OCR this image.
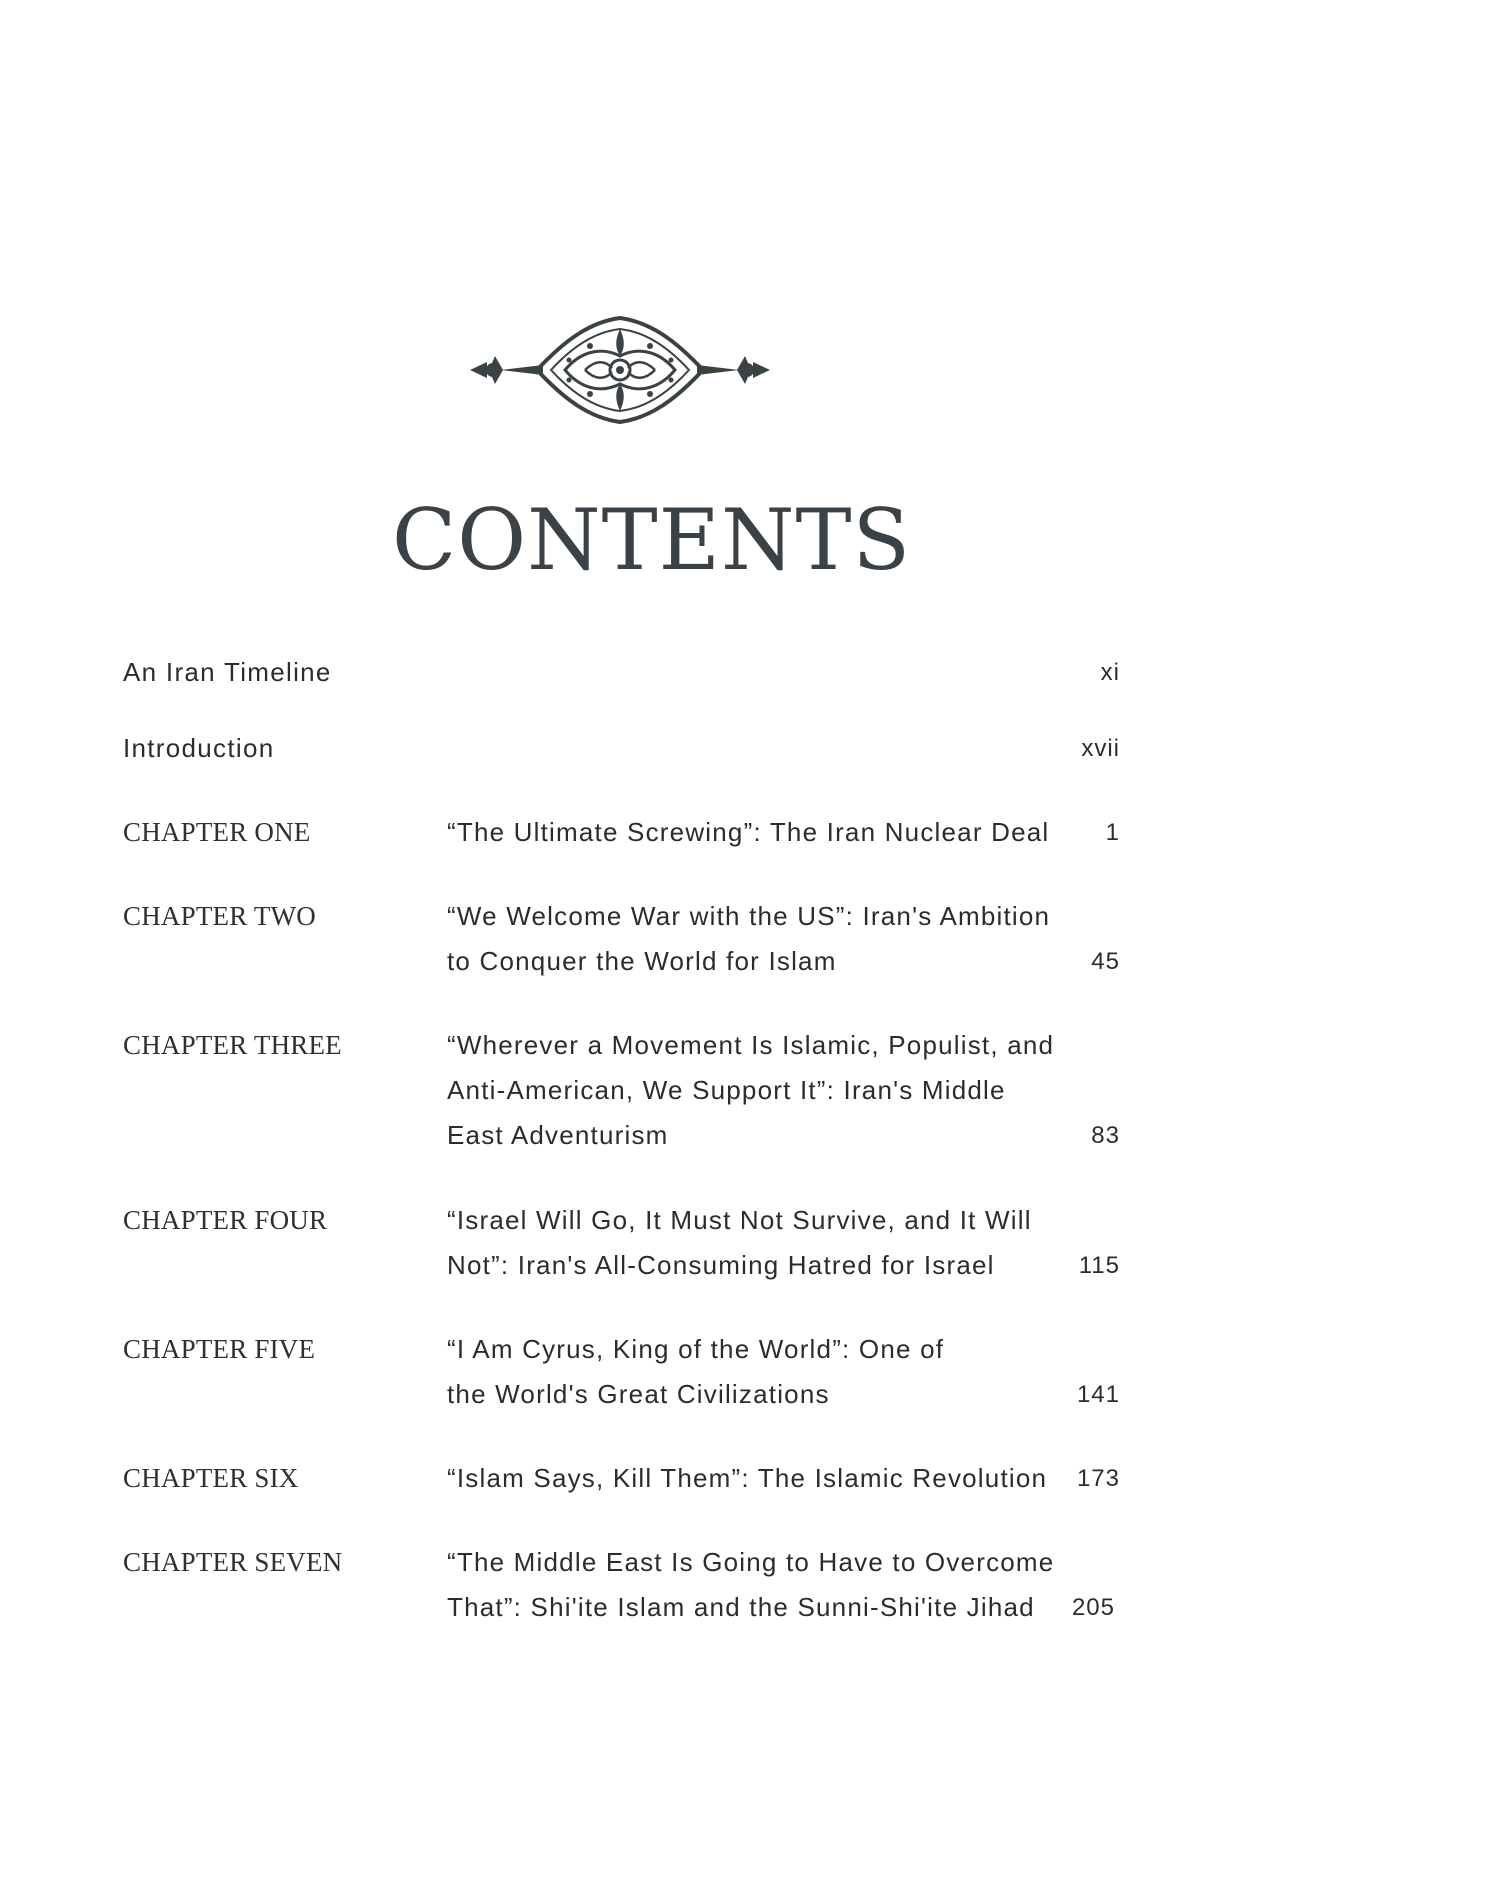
CONTENTS
An Iran Timeline	xi
Introduction	xvii
CHAPTER ONE	“The Ultimate Screwing”: The Iran Nuclear Deal	1
CHAPTER TWO	“We Welcome War with the US”: Iran's Ambition
to Conquer the World for Islam	45
CHAPTER THREE	“Wherever a Movement Is Islamic, Populist, and
Anti-American, We Support It”: Iran's Middle
East Adventurism	83
CHAPTER FOUR	“Israel Will Go, It Must Not Survive, and It Will
Not”: Iran's All-Consuming Hatred for Israel	115
CHAPTER FIVE	“I Am Cyrus, King of the World”: One of
the World's Great Civilizations	141
CHAPTER SIX	“Islam Says, Kill Them”: The Islamic Revolution	173
CHAPTER SEVEN	“The Middle East Is Going to Have to Overcome
That”: Shi'ite Islam and the Sunni-Shi'ite Jihad	205
